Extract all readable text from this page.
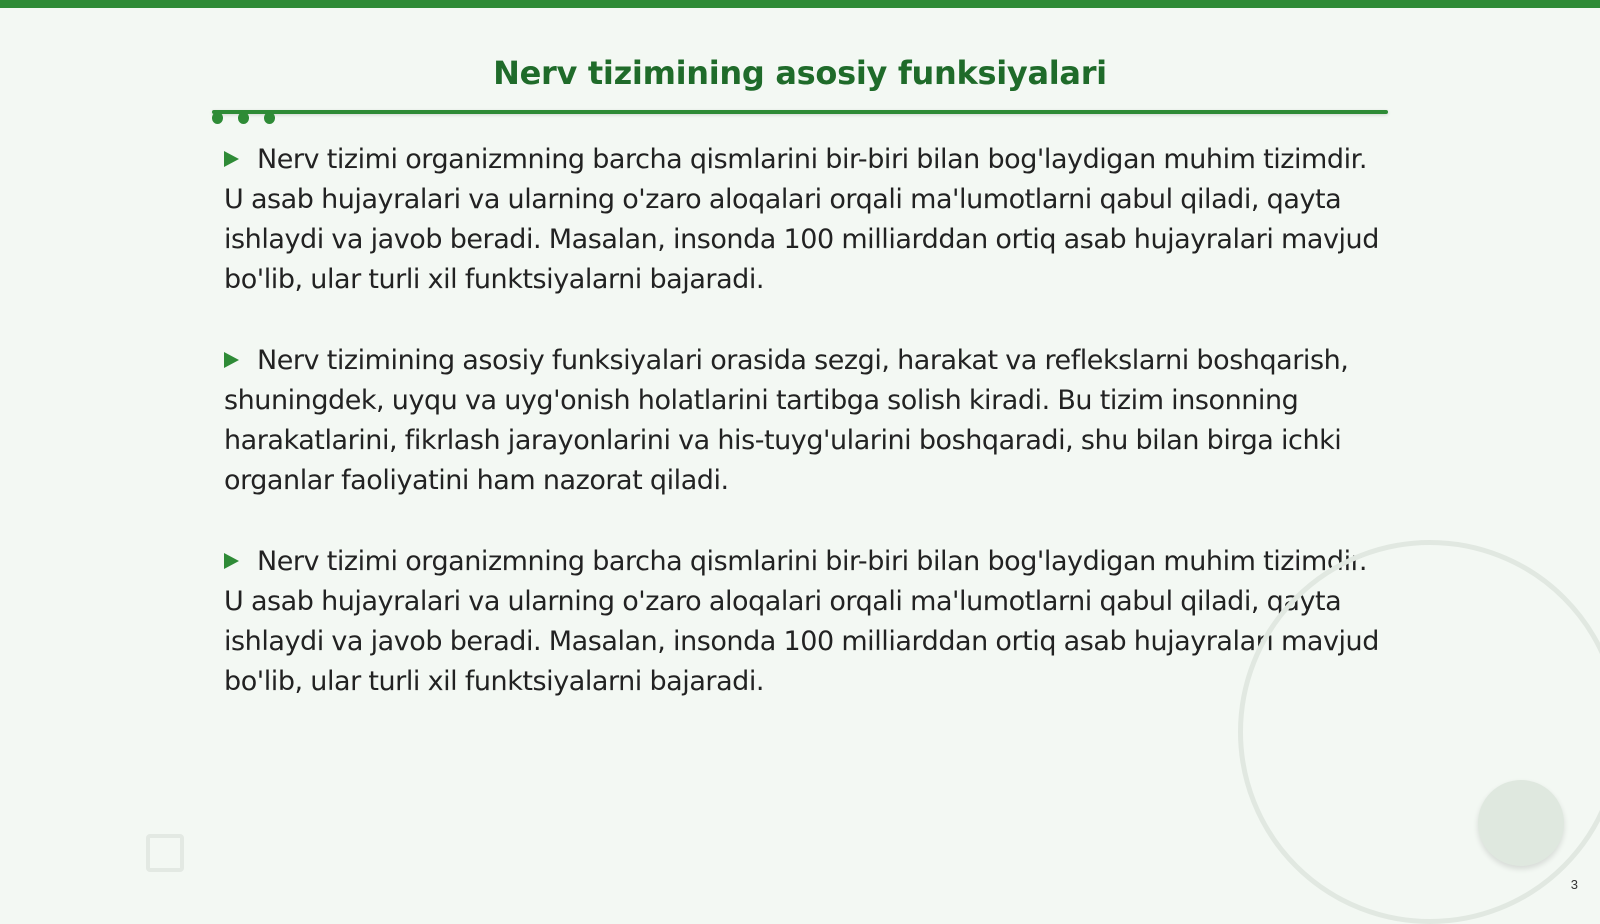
Nerv tizimining asosiy funksiyalari

Nerv tizimi organizmning barcha qismlarini bir-biri bilan bog'laydigan muhim tizimdir. U asab hujayralari va ularning o'zaro aloqalari orqali ma'lumotlarni qabul qiladi, qayta ishlaydi va javob beradi. Masalan, insonda 100 milliarddan ortiq asab hujayralari mavjud bo'lib, ular turli xil funktsiyalarni bajaradi.

Nerv tizimining asosiy funksiyalari orasida sezgi, harakat va reflekslarni boshqarish, shuningdek, uyqu va uyg'onish holatlarini tartibga solish kiradi. Bu tizim insonning harakatlarini, fikrlash jarayonlarini va his-tuyg'ularini boshqaradi, shu bilan birga ichki organlar faoliyatini ham nazorat qiladi.

Nerv tizimi organizmning barcha qismlarini bir-biri bilan bog'laydigan muhim tizimdir. U asab hujayralari va ularning o'zaro aloqalari orqali ma'lumotlarni qabul qiladi, qayta ishlaydi va javob beradi. Masalan, insonda 100 milliarddan ortiq asab hujayralari mavjud bo'lib, ular turli xil funktsiyalarni bajaradi.

3
